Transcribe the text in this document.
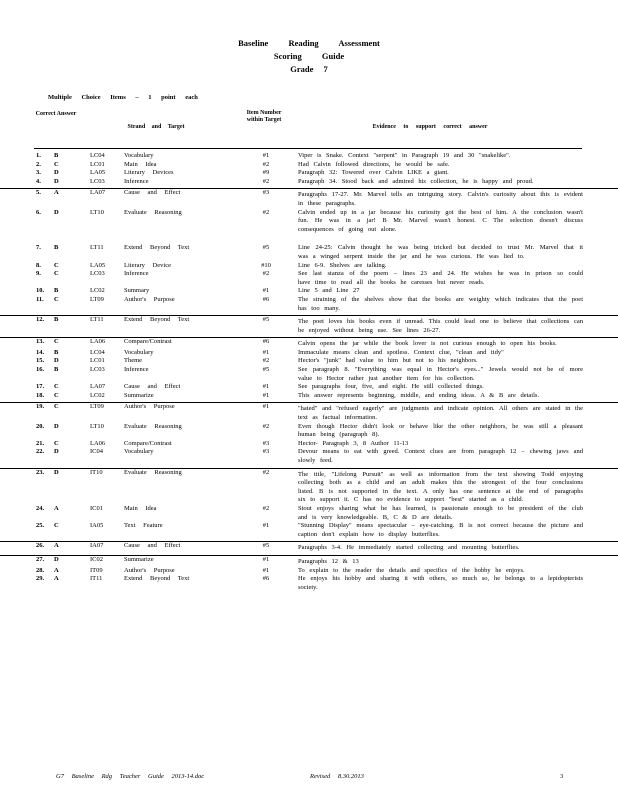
Baseline Reading Assessment
Scoring Guide
Grade 7
Multiple Choice Items – 1 point each
Correct Answer
Strand and Target
Item Number within Target
Evidence to support correct answer
1.	B	LC04	Vocabulary	#1	Viper is Snake. Context "serpent" in Paragraph 19 and 30 "snakelike".
2.	C	LC01	Main Idea	#2	Had Calvin followed directions, he would be safe.
3.	D	LA05	Literary Devices	#9	Paragraph 32: Towered over Calvin LIKE a giant.
4.	D	LC03	Inference	#2	Paragraph 34. Stood back and admired his collection, he is happy and proud.
5.	A	LA07	Cause and Effect	#3	Paragraphs 17-27. Mr. Marvel tells an intriguing story. Calvin's curiosity about this is evident in these paragraphs.
6.	D	LT10	Evaluate Reasoning	#2	Calvin ended up in a jar because his curiosity got the best of him. A the conclusion wasn't fun. He was in a jar! B Mr. Marvel wasn't honest. C The selection doesn't discuss consequences of going out alone.
7.	B	LT11	Extend Beyond Text	#5	Line 24-25: Calvin thought he was being tricked but decided to trust Mr. Marvel that it was a winged serpent inside the jar and he was curious. He was lied to.
8.	C	LA05	Literary Device	#10	Line 6-9. Shelves are talking.
9.	C	LC03	Inference	#2	See last stanza of the poem – lines 23 and 24. He wishes he was in prison so could have time to read all the books he caresses but never reads.
10.	B	LC02	Summary	#1	Line 5 and Line 27
11.	C	LT09	Author's Purpose	#6	The straining of the shelves show that the books are weighty which indicates that the poet has too many.
12.	B	LT11	Extend Beyond Text	#5	The poet loves his books even if unread. This could lead one to believe that collections can be enjoyed without being use. See lines 26-27.
13.	C	LA06	Compare/Contrast	#6	Calvin opens the jar while the book lover is not curious enough to open his books.
14.	B	LC04	Vocabulary	#1	Immaculate means clean and spotless. Context clue, "clean and tidy"
15.	D	LC01	Theme	#2	Hector's "junk" had value to him but not to his neighbors.
16.	B	LC03	Inference	#5	See paragraph 8. "Everything was equal in Hector's eyes..." Jewels would not be of more value to Hector rather just another item for his collection.
17.	C	LA07	Cause and Effect	#1	See paragraphs four, five, and eight. He still collected things.
18.	C	LC02	Summarize	#1	This answer represents beginning, middle, and ending ideas. A & B are details.
19.	C	LT09	Author's Purpose	#1	"hated" and "refused eagerly" are judgments and indicate opinion. All others are stated in the text as factual information.
20.	D	LT10	Evaluate Reasoning	#2	Even though Hector didn't look or behave like the other neighbors, he was still a pleasant human being (paragraph 8).
21.	C	LA06	Compare/Contrast	#3	Hector- Paragraph 3, 8 Author 11-13
22.	D	IC04	Vocabulary	#3	Devour means to eat with greed. Context clues are from paragraph 12 – chewing jaws and slowly feed.
23.	D	IT10	Evaluate Reasoning	#2	The title, "Lifelong Pursuit" as well as information from the text showing Todd enjoying collecting both as a child and an adult makes this the strongest of the four conclusions listed. B is not supported in the text. A only has one sentence at the end of paragraphs six to support it. C has no evidence to support "best" started as a child.
24.	A	IC01	Main Idea	#2	Stout enjoys sharing what he has learned, is passionate enough to be president of the club and is very knowledgeable. B, C & D are details.
25.	C	IA05	Text Feature	#1	"Stunning Display" means spectacular – eye-catching. B is not correct because the picture and caption don't explain how to display butterflies.
26.	A	IA07	Cause and Effect	#5	Paragraphs 3-4. He immediately started collecting and mounting butterflies.
27.	D	IC02	Summarize	#1	Paragraphs 12 & 13
28.	A	IT09	Author's Purpose	#1	To explain to the reader the details and specifics of the hobby he enjoys.
29.	A	IT11	Extend Beyond Text	#6	He enjoys his hobby and sharing it with others, so much so, he belongs to a lepidopterists society.
G7 Baseline Rdg Teacher Guide 2013-14.doc	Revised 8.30.2013	3
